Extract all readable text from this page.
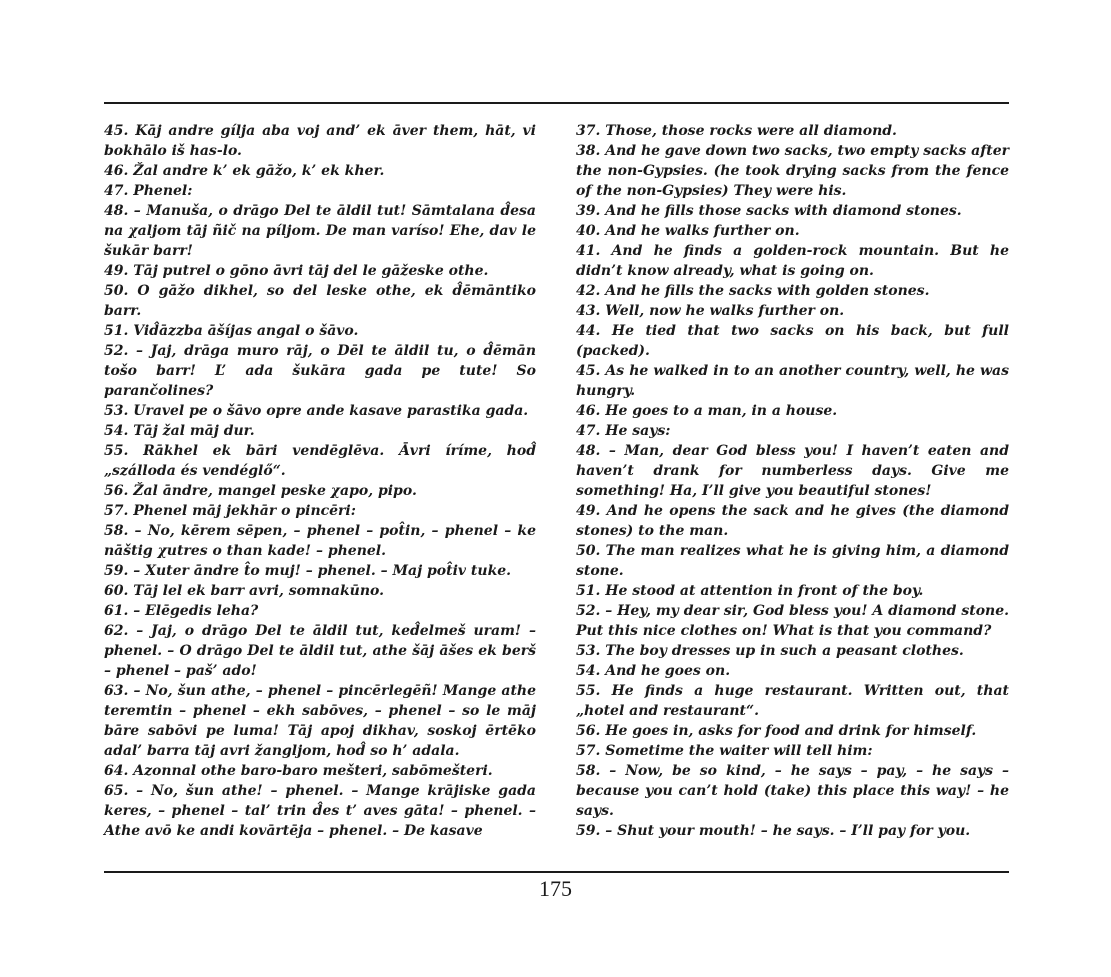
45. Kāj andre gílja aba voj and’ ek āver them, hāt, vi bokhālo iš has-lo.

46. Žal andre k’ ek gāžo, k’ ek kher.

47. Phenel:

48. – Manuša, o drāgo Del te āldil tut! Sāmtalana d̂esa na χaljom tāj ñič na píljom. De man varíso! Ehe, dav le šukār barr!

49. Tāj putrel o gōno āvri tāj del le gāžeske othe.

50. O gāžo dikhel, so del leske othe, ek d̂ēmāntiko barr.

51. Vid̂āzzba āšíjas angal o šāvo.

52. – Jaj, drāga muro rāj, o Dēl te āldil tu, o d̂ēmān tošo barr! L’ ada šukāra gada pe tute! So parančolines?

53. Uravel pe o šāvo opre ande kasave parastika gada.

54. Tāj žal māj dur.

55. Rākhel ek bāri vendēglēva. Āvri íríme, hod̂ „szálloda és vendéglő“.

56. Žal āndre, mangel peske χapo, pipo.

57. Phenel māj jekhār o pincēri:

58. – No, kērem sēpen, – phenel – pot̂in, – phenel – ke nāštig χutres o than kade! – phenel.

59. – Xuter āndre t̂o muj! – phenel. – Maj pot̂iv tuke.

60. Tāj lel ek barr avri, somnakūno.

61. – Elēgedis leha?

62. – Jaj, o drāgo Del te āldil tut, ked̂elmeš uram! – phenel. – O drāgo Del te āldil tut, athe šāj āšes ek berš – phenel – paš’ ado!

63. – No, šun athe, – phenel – pincērlegēñ! Mange athe teremtin – phenel – ekh sabōves, – phenel – so le māj bāre sabōvi pe luma! Tāj apoj dikhav, soskoj ērtēko adal’ barra tāj avri žangljom, hod̂ so h’ adala.

64. Azonnal othe baro-baro mešteri, sabōmešteri.

65. – No, šun athe! – phenel. – Mange krājiske gada keres, – phenel – tal’ trin d̂es t’ aves gāta! – phenel. – Athe avō ke andi kovārtēja – phenel. – De kasave

37. Those, those rocks were all diamond.

38. And he gave down two sacks, two empty sacks after the non-Gypsies. (he took drying sacks from the fence of the non-Gypsies) They were his.

39. And he fills those sacks with diamond stones.

40. And he walks further on.

41. And he finds a golden-rock mountain. But he didn’t know already, what is going on.

42. And he fills the sacks with golden stones.

43. Well, now he walks further on.

44. He tied that two sacks on his back, but full (packed).

45. As he walked in to an another country, well, he was hungry.

46. He goes to a man, in a house.

47. He says:

48. – Man, dear God bless you! I haven’t eaten and haven’t drank for numberless days. Give me something! Ha, I’ll give you beautiful stones!

49. And he opens the sack and he gives (the diamond stones) to the man.

50. The man realizes what he is giving him, a diamond stone.

51. He stood at attention in front of the boy.

52. – Hey, my dear sir, God bless you! A diamond stone. Put this nice clothes on! What is that you command?

53. The boy dresses up in such a peasant clothes.

54. And he goes on.

55. He finds a huge restaurant. Written out, that „hotel and restaurant“.

56. He goes in, asks for food and drink for himself.

57. Sometime the waiter will tell him:

58. – Now, be so kind, – he says – pay, – he says – because you can’t hold (take) this place this way! – he says.

59. – Shut your mouth! – he says. – I’ll pay for you.

175
